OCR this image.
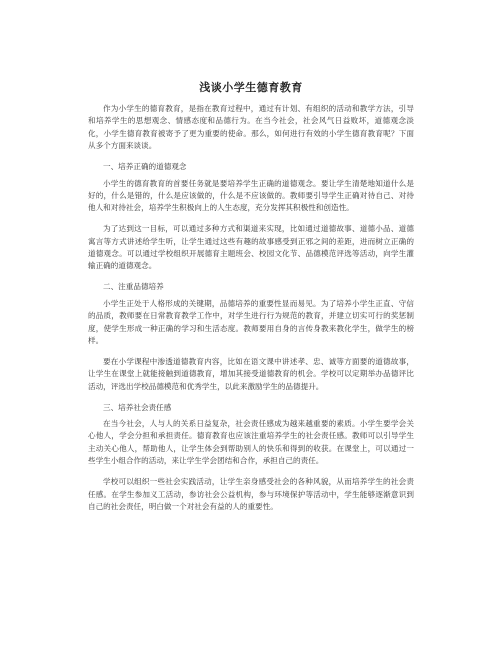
浅谈小学生德育教育
作为小学生的德育教育，是指在教育过程中，通过有计划、有组织的活动和教学方法，引导和培养学生的思想观念、情感态度和品德行为。在当今社会，社会风气日益败坏，道德观念淡化，小学生德育教育被寄予了更为重要的使命。那么，如何进行有效的小学生德育教育呢？下面从多个方面来谈谈。
一、培养正确的道德观念
小学生的德育教育的首要任务就是要培养学生正确的道德观念。要让学生清楚地知道什么是好的，什么是错的，什么是应该做的，什么是不应该做的。教师要引导学生正确对待自己、对待他人和对待社会，培养学生积极向上的人生态度，充分发挥其积极性和创造性。
为了达到这一目标，可以通过多种方式和渠道来实现，比如通过道德故事、道德小品、道德寓言等方式讲述给学生听，让学生通过这些有趣的故事感受到正邪之间的差距，进而树立正确的道德观念。可以通过学校组织开展德育主题班会、校园文化节、品德模范评选等活动，向学生灌输正确的道德观念。
二、注重品德培养
小学生正处于人格形成的关键期，品德培养的重要性显而易见。为了培养小学生正直、守信的品质，教师要在日常教育教学工作中，对学生进行行为规范的教育，并建立切实可行的奖惩制度，使学生形成一种正确的学习和生活态度。教师要用自身的言传身教来教化学生，做学生的榜样。
要在小学课程中渗透道德教育内容，比如在语文课中讲述孝、忠、诚等方面要的道德故事，让学生在课堂上就能接触到道德教育，增加其接受道德教育的机会。学校可以定期举办品德评比活动，评选出学校品德模范和优秀学生，以此来激励学生的品德提升。
三、培养社会责任感
在当今社会，人与人的关系日益复杂，社会责任感成为越来越重要的素质。小学生要学会关心他人，学会分担和承担责任。德育教育也应该注重培养学生的社会责任感。教师可以引导学生主动关心他人，帮助他人，让学生体会到帮助别人的快乐和得到的收获。在课堂上，可以通过一些学生小组合作的活动，来让学生学会团结和合作，承担自己的责任。
学校可以组织一些社会实践活动，让学生亲身感受社会的各种风貌，从而培养学生的社会责任感。在学生参加义工活动，参访社会公益机构，参与环境保护等活动中，学生能够逐渐意识到自己的社会责任，明白做一个对社会有益的人的重要性。
